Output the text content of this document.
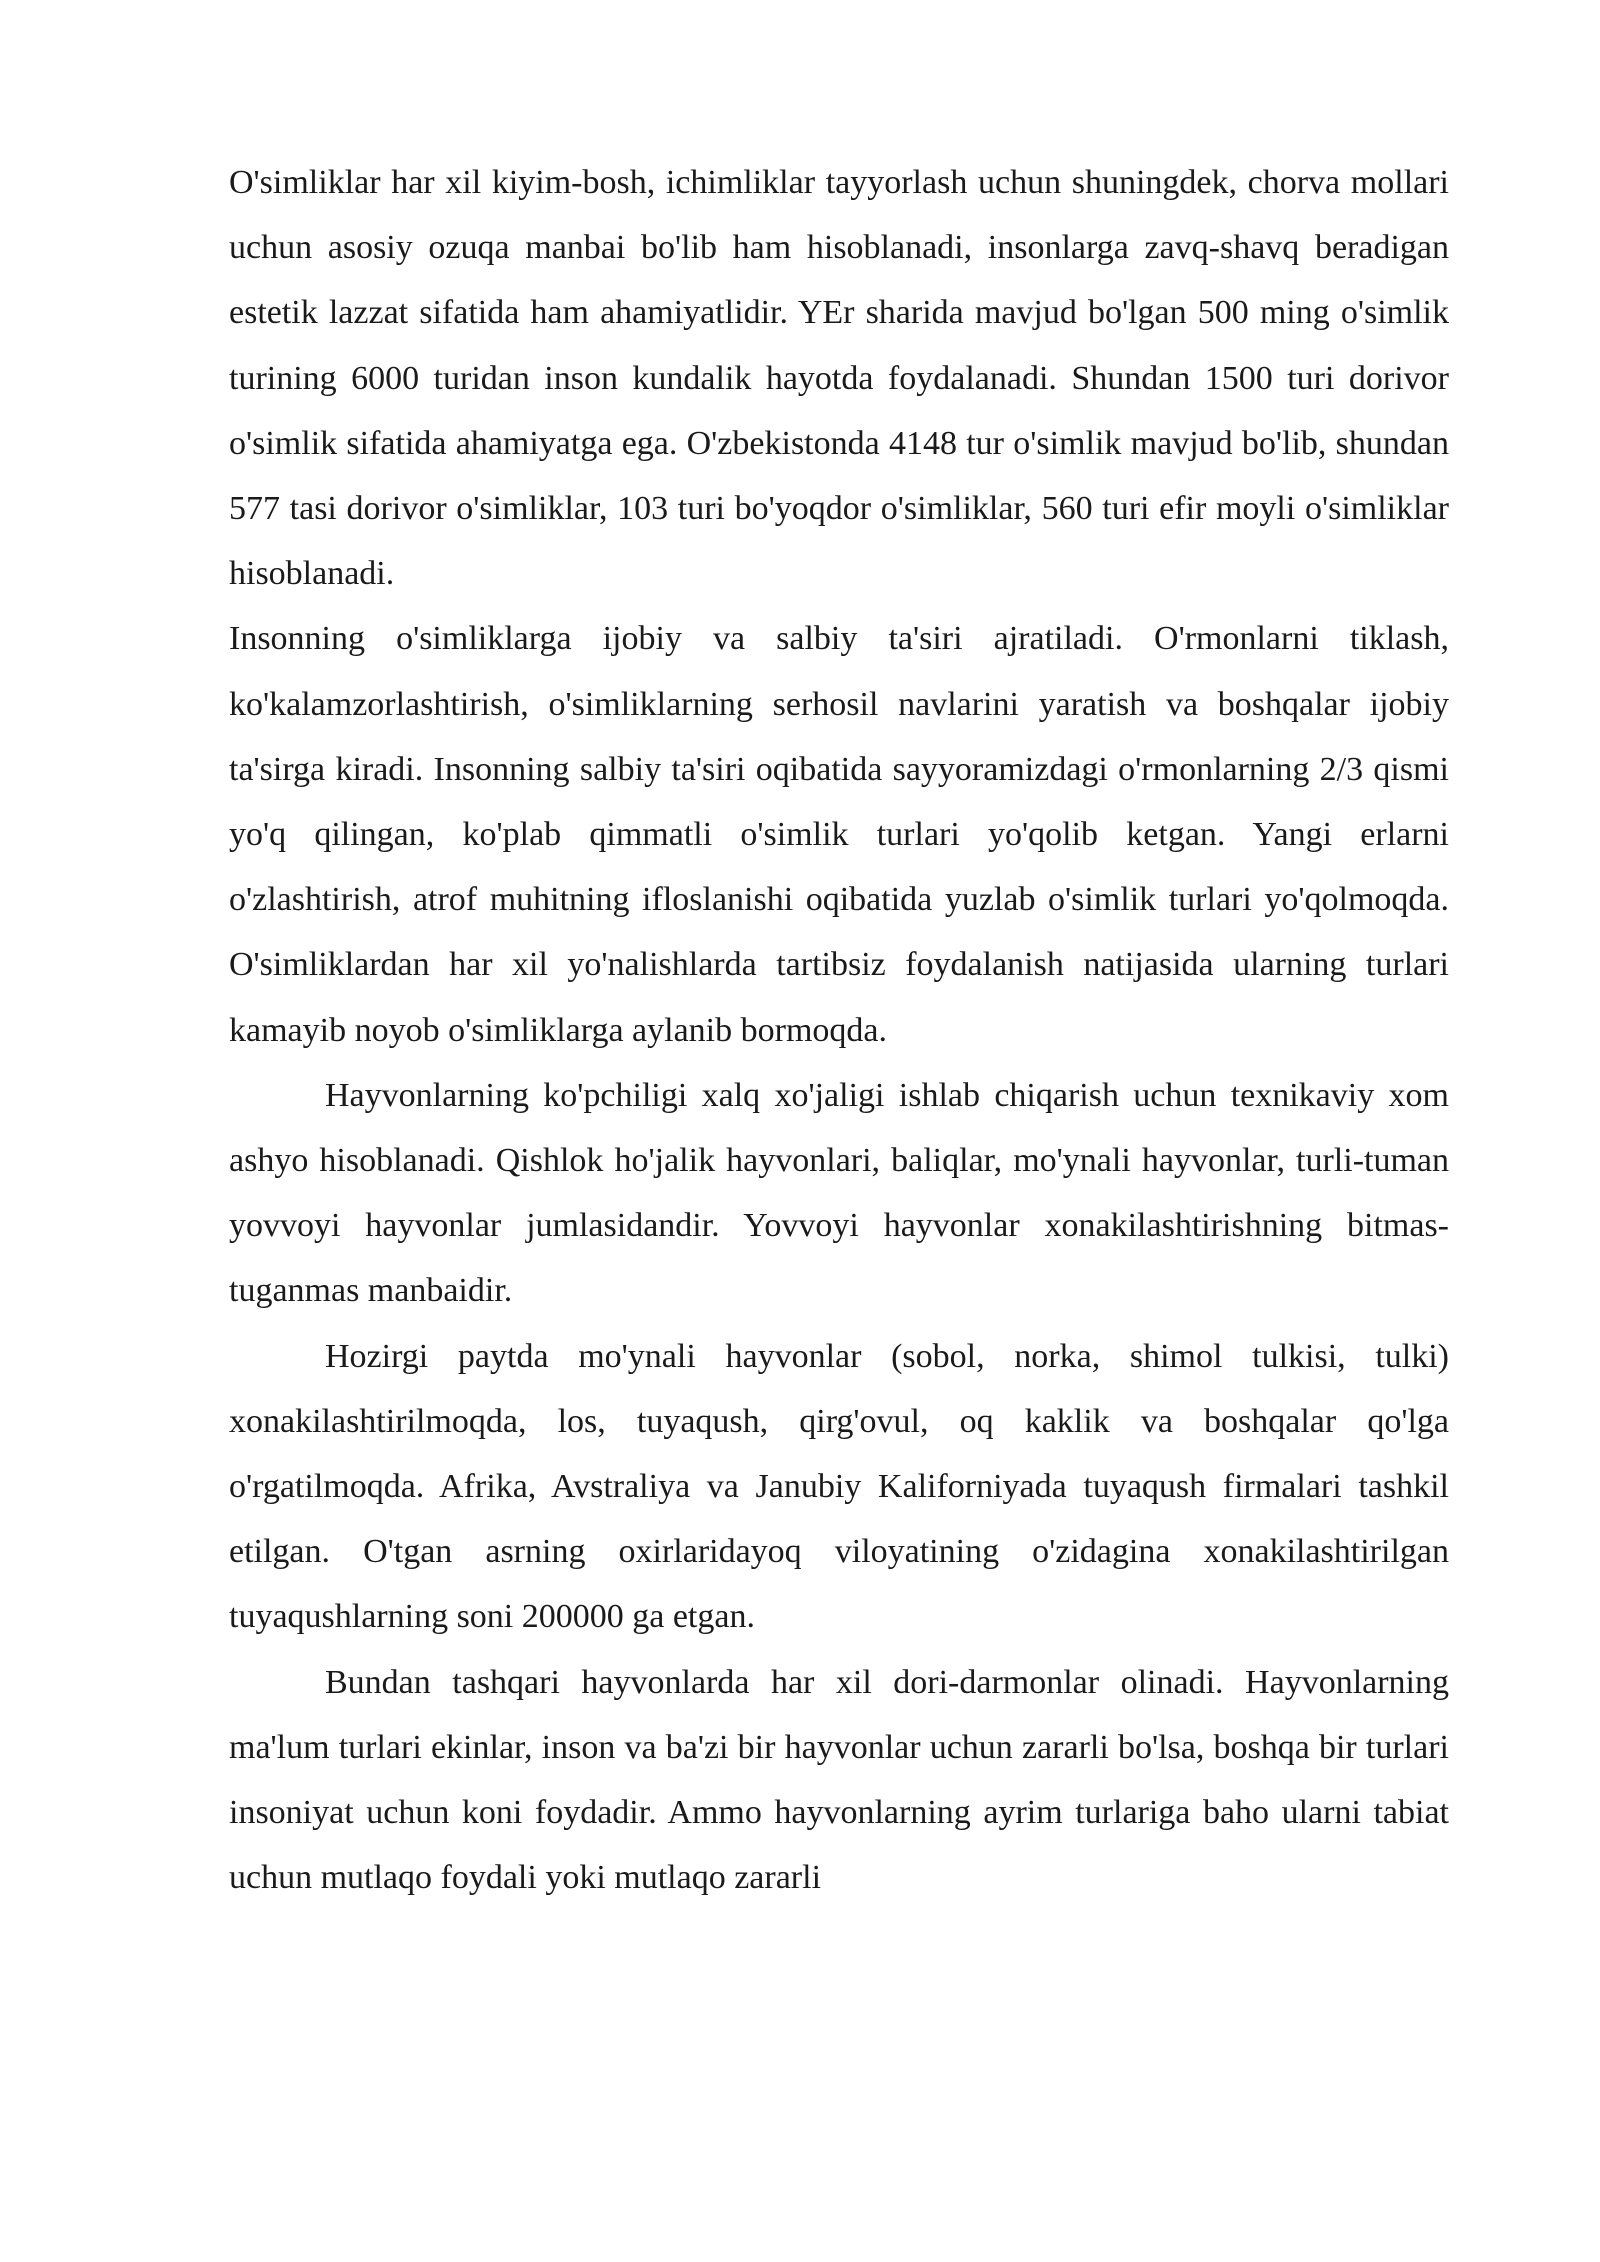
O'simliklar har xil kiyim-bosh, ichimliklar tayyorlash uchun shuningdek, chorva mollari uchun asosiy ozuqa manbai bo'lib ham hisoblanadi, insonlarga zavq-shavq beradigan estetik lazzat sifatida ham ahamiyatlidir. YEr sharida mavjud bo'lgan 500 ming o'simlik turining 6000 turidan inson kundalik hayotda foydalanadi. Shundan 1500 turi dorivor o'simlik sifatida ahamiyatga ega. O'zbekistonda 4148 tur o'simlik mavjud bo'lib, shundan 577 tasi dorivor o'simliklar, 103 turi bo'yoqdor o'simliklar, 560 turi efir moyli o'simliklar hisoblanadi.

Insonning o'simliklarga ijobiy va salbiy ta'siri ajratiladi. O'rmonlarni tiklash, ko'kalamzorlashtirish, o'simliklarning serhosil navlarini yaratish va boshqalar ijobiy ta'sirga kiradi. Insonning salbiy ta'siri oqibatida sayyoramizdagi o'rmonlarning 2/3 qismi yo'q qilingan, ko'plab qimmatli o'simlik turlari yo'qolib ketgan. Yangi erlarni o'zlashtirish, atrof muhitning ifloslanishi oqibatida yuzlab o'simlik turlari yo'qolmoqda. O'simliklardan har xil yo'nalishlarda tartibsiz foydalanish natijasida ularning turlari kamayib noyob o'simliklarga aylanib bormoqda.

Hayvonlarning ko'pchiligi xalq xo'jaligi ishlab chiqarish uchun texnikaviy xom ashyo hisoblanadi. Qishlok ho'jalik hayvonlari, baliqlar, mo'ynali hayvonlar, turli-tuman yovvoyi hayvonlar jumlasidandir. Yovvoyi hayvonlar xonakilashtirishning bitmas-tuganmas manbaidir.

Hozirgi paytda mo'ynali hayvonlar (sobol, norka, shimol tulkisi, tulki) xonakilashtirilmoqda, los, tuyaqush, qirg'ovul, oq kaklik va boshqalar qo'lga o'rgatilmoqda. Afrika, Avstraliya va Janubiy Kaliforniyada tuyaqush firmalari tashkil etilgan. O'tgan asrning oxirlaridayoq viloyatining o'zidagina xonakilashtirilgan tuyaqushlarning soni 200000 ga etgan.

Bundan tashqari hayvonlarda har xil dori-darmonlar olinadi. Hayvonlarning ma'lum turlari ekinlar, inson va ba'zi bir hayvonlar uchun zararli bo'lsa, boshqa bir turlari insoniyat uchun koni foydadir. Ammo hayvonlarning ayrim turlariga baho ularni tabiat uchun mutlaqo foydali yoki mutlaqo zararli
